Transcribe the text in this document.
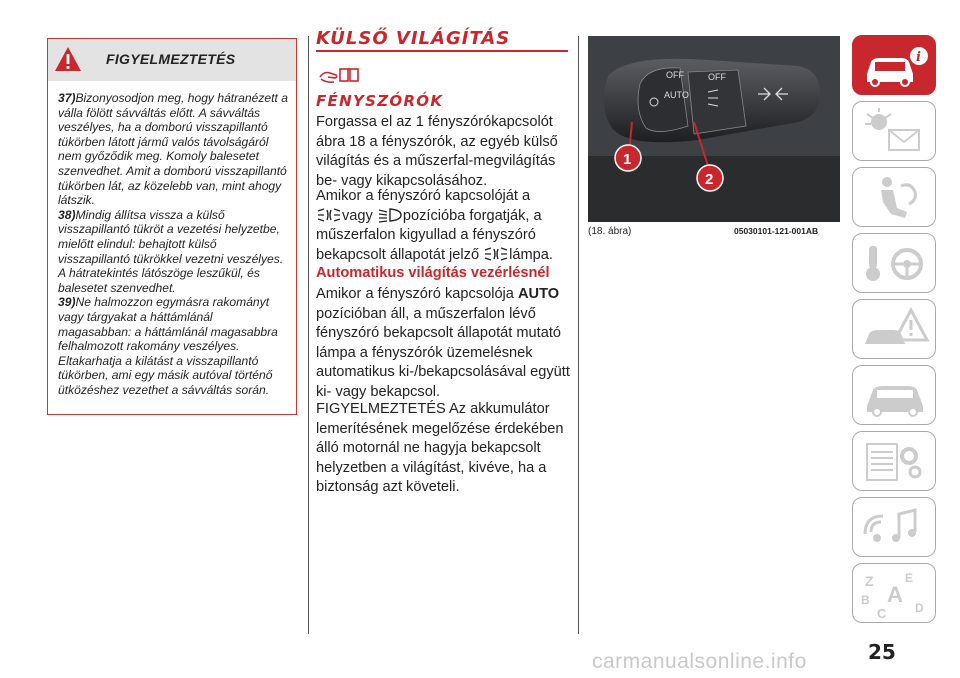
FIGYELMEZTETÉS

37)Bizonyosodjon meg, hogy hátranézett a válla fölött sávváltás előtt. A sávváltás veszélyes, ha a domború visszapillantó tükörben látott jármű valós távolságáról nem győződik meg. Komoly balesetet szenvedhet. Amit a domború visszapillantó tükörben lát, az közelebb van, mint ahogy látszik.

38)Mindig állítsa vissza a külső visszapillantó tükröt a vezetési helyzetbe, mielőtt elindul: behajtott külső visszapillantó tükrökkel vezetni veszélyes. A hátratekintés látószöge leszűkül, és balesetet szenvedhet.

39)Ne halmozzon egymásra rakományt vagy tárgyakat a háttámlánál magasabban: a háttámlánál magasabbra felhalmozott rakomány veszélyes. Eltakarhatja a kilátást a visszapillantó tükörben, ami egy másik autóval történő ütközéshez vezethet a sávváltás során.

KÜLSŐ VILÁGÍTÁS
FÉNYSZÓRÓK
Forgassa el az 1 fényszórókapcsolót ábra 18 a fényszórók, az egyéb külső világítás és a műszerfal-megvilágítás be- vagy kikapcsolásához.
Amikor a fényszóró kapcsolóját a
vagy pozícióba forgatják, a műszerfalon kigyullad a fényszóró bekapcsolt állapotát jelző lámpa.
Automatikus világítás vezérlésnél
Amikor a fényszóró kapcsolója AUTO pozícióban áll, a műszerfalon lévő fényszóró bekapcsolt állapotát mutató lámpa a fényszórók üzemelésnek automatikus ki-/bekapcsolásával együtt ki- vagy bekapcsol.
FIGYELMEZTETÉS Az akkumulátor lemerítésének megelőzése érdekében álló motornál ne hagyja bekapcsolt helyzetben a világítást, kivéve, ha a biztonság azt követeli.
OFF	OFF
AUTO
1
2
(18. ábra)	05030101-121-001AB
i
Z	E
B A
D
C
25
carmanualsonline.info
